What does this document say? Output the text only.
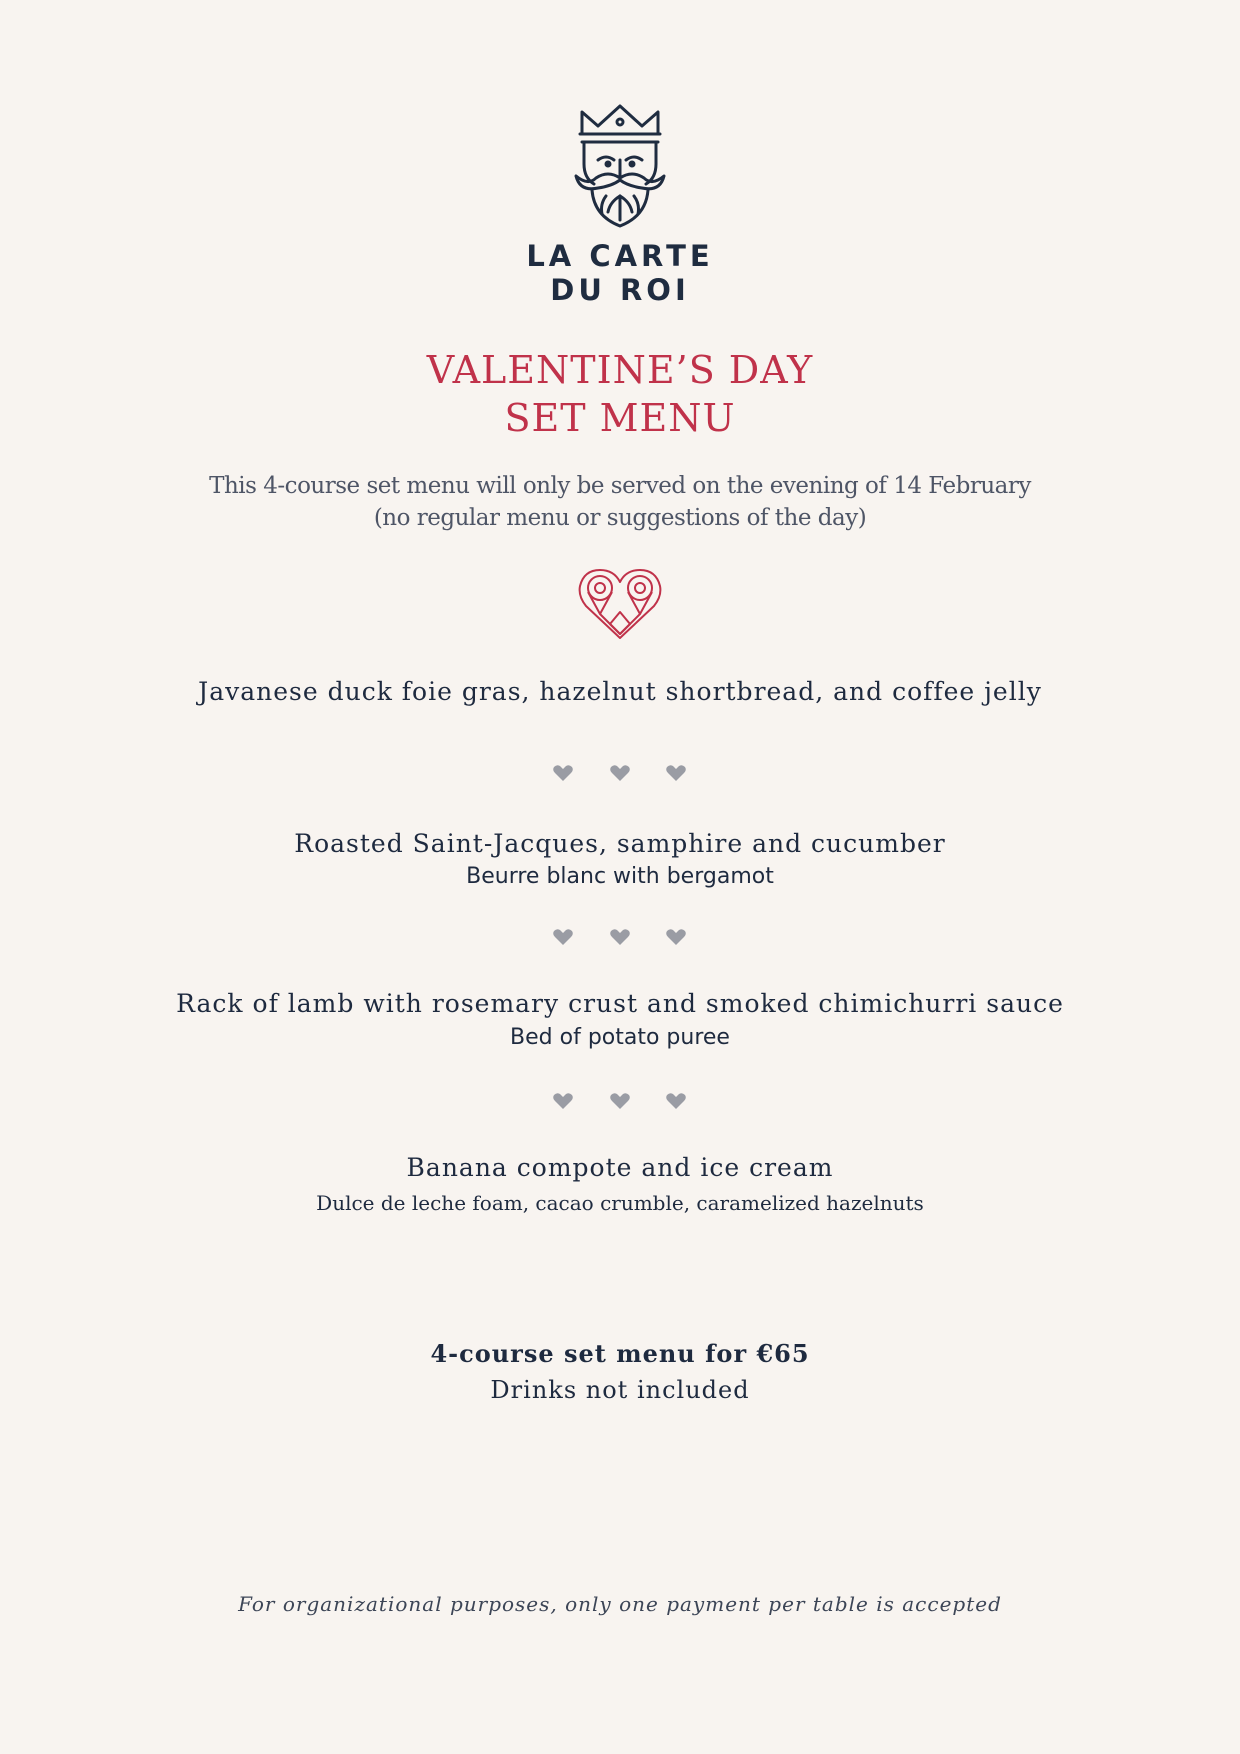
LA CARTE
DU ROI
VALENTINE’S DAY
SET MENU
This 4-course set menu will only be served on the evening of 14 February
(no regular menu or suggestions of the day)
Javanese duck foie gras, hazelnut shortbread, and coffee jelly
Roasted Saint-Jacques, samphire and cucumber
Beurre blanc with bergamot
Rack of lamb with rosemary crust and smoked chimichurri sauce
Bed of potato puree
Banana compote and ice cream
Dulce de leche foam, cacao crumble, caramelized hazelnuts
4-course set menu for €65
Drinks not included
For organizational purposes, only one payment per table is accepted
